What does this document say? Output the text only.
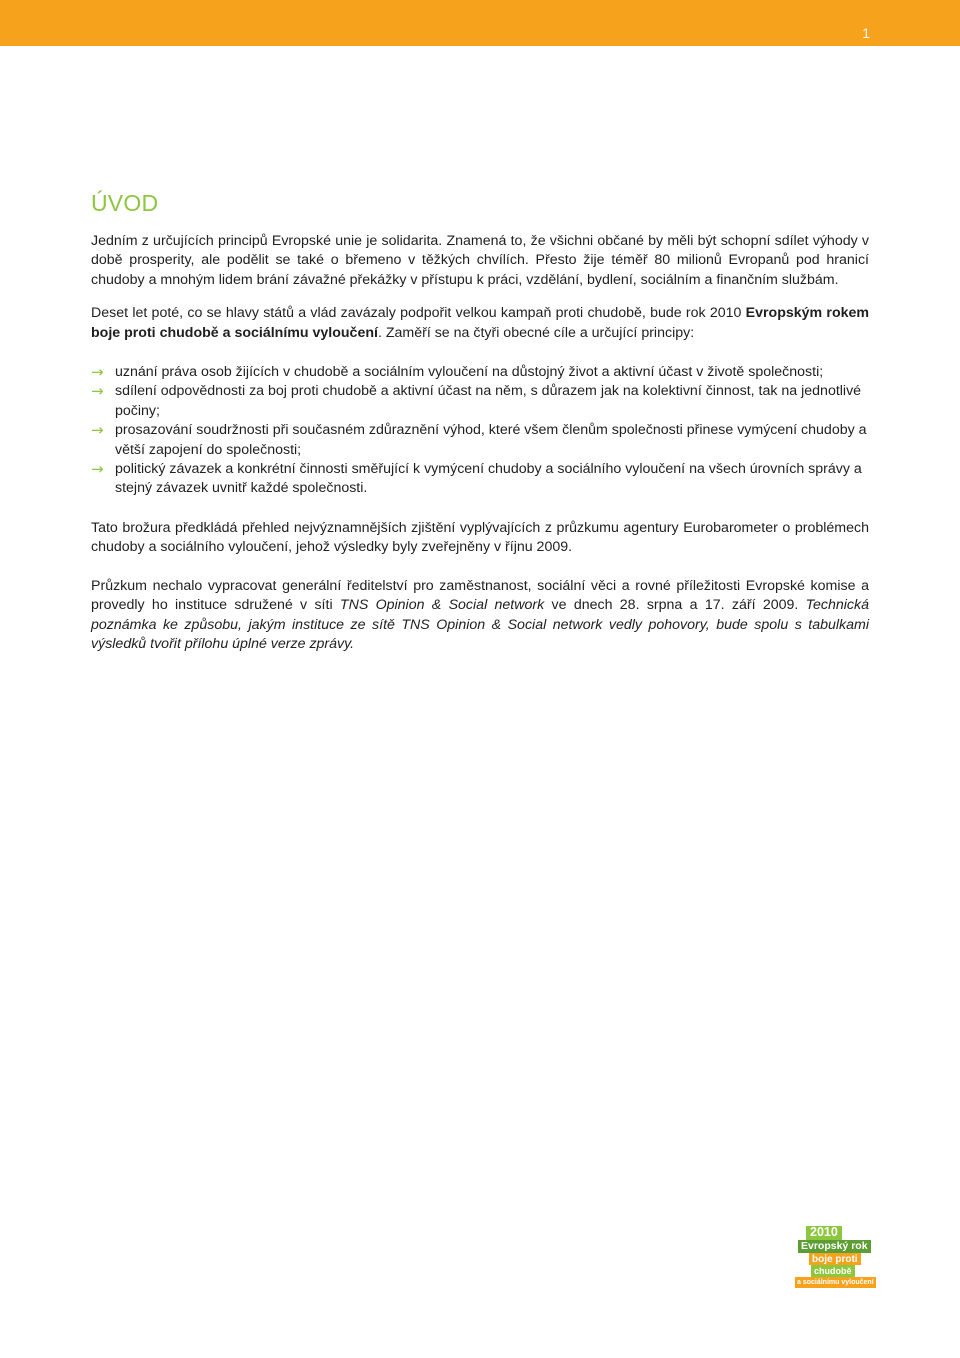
1
ÚVOD

Jedním z určujících principů Evropské unie je solidarita. Znamená to, že všichni občané by měli být schopní sdílet výhody v době prosperity, ale podělit se také o břemeno v těžkých chvílích. Přesto žije téměř 80 milionů Evropanů pod hranicí chudoby a mnohým lidem brání závažné překážky v přístupu k práci, vzdělání, bydlení, sociálním a finančním službám.

Deset let poté, co se hlavy států a vlád zavázaly podpořit velkou kampaň proti chudobě, bude rok 2010 Evropským rokem boje proti chudobě a sociálnímu vyloučení. Zaměří se na čtyři obecné cíle a určující principy:

→ uznání práva osob žijících v chudobě a sociálním vyloučení na důstojný život a aktivní účast v životě společnosti;
→ sdílení odpovědnosti za boj proti chudobě a aktivní účast na něm, s důrazem jak na kolektivní činnost, tak na jednotlivé počiny;
→ prosazování soudržnosti při současném zdůraznění výhod, které všem členům společnosti přinese vymýcení chudoby a větší zapojení do společnosti;
→ politický závazek a konkrétní činnosti směřující k vymýcení chudoby a sociálního vyloučení na všech úrovních správy a stejný závazek uvnitř každé společnosti.

Tato brožura předkládá přehled nejvýznamnějších zjištění vyplývajících z průzkumu agentury Eurobarometer o problémech chudoby a sociálního vyloučení, jehož výsledky byly zveřejněny v říjnu 2009.

Průzkum nechalo vypracovat generální ředitelství pro zaměstnanost, sociální věci a rovné příležitosti Evropské komise a provedly ho instituce sdružené v síti TNS Opinion & Social network ve dnech 28. srpna a 17. září 2009. Technická poznámka ke způsobu, jakým instituce ze sítě TNS Opinion & Social network vedly pohovory, bude spolu s tabulkami výsledků tvořit přílohu úplné verze zprávy.

2010
Evropský rok
boje proti
chudobě
a sociálnímu vyloučení
